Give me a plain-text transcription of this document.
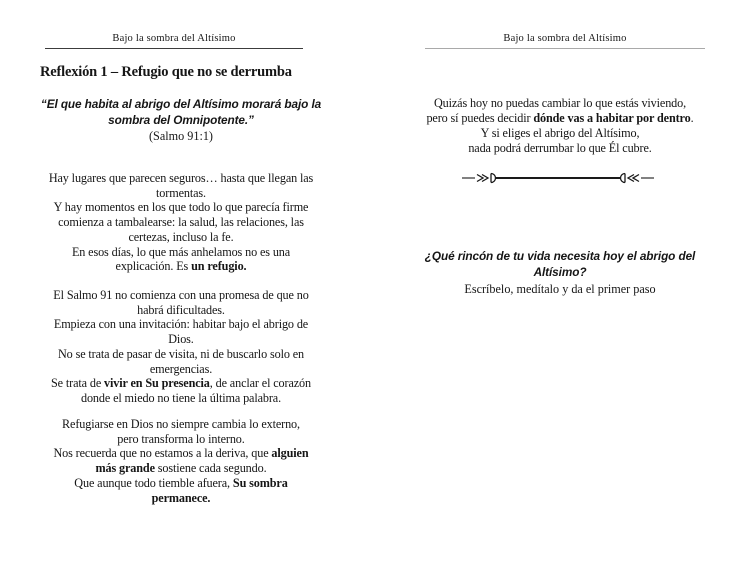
Bajo la sombra del Altísimo
Reflexión 1 – Refugio que no se derrumba
“El que habita al abrigo del Altísimo morará bajo la
sombra del Omnipotente.”
(Salmo 91:1)
Hay lugares que parecen seguros… hasta que llegan las
tormentas.
Y hay momentos en los que todo lo que parecía firme
comienza a tambalearse: la salud, las relaciones, las
certezas, incluso la fe.
En esos días, lo que más anhelamos no es una
explicación. Es un refugio.
El Salmo 91 no comienza con una promesa de que no
habrá dificultades.
Empieza con una invitación: habitar bajo el abrigo de
Dios.
No se trata de pasar de visita, ni de buscarlo solo en
emergencias.
Se trata de vivir en Su presencia, de anclar el corazón
donde el miedo no tiene la última palabra.
Refugiarse en Dios no siempre cambia lo externo,
pero transforma lo interno.
Nos recuerda que no estamos a la deriva, que alguien
más grande sostiene cada segundo.
Que aunque todo tiemble afuera, Su sombra
permanece.
Bajo la sombra del Altísimo
Quizás hoy no puedas cambiar lo que estás viviendo,
pero sí puedes decidir dónde vas a habitar por dentro.
Y si eliges el abrigo del Altísimo,
nada podrá derrumbar lo que Él cubre.
¿Qué rincón de tu vida necesita hoy el abrigo del
Altísimo?
Escríbelo, medítalo y da el primer paso
